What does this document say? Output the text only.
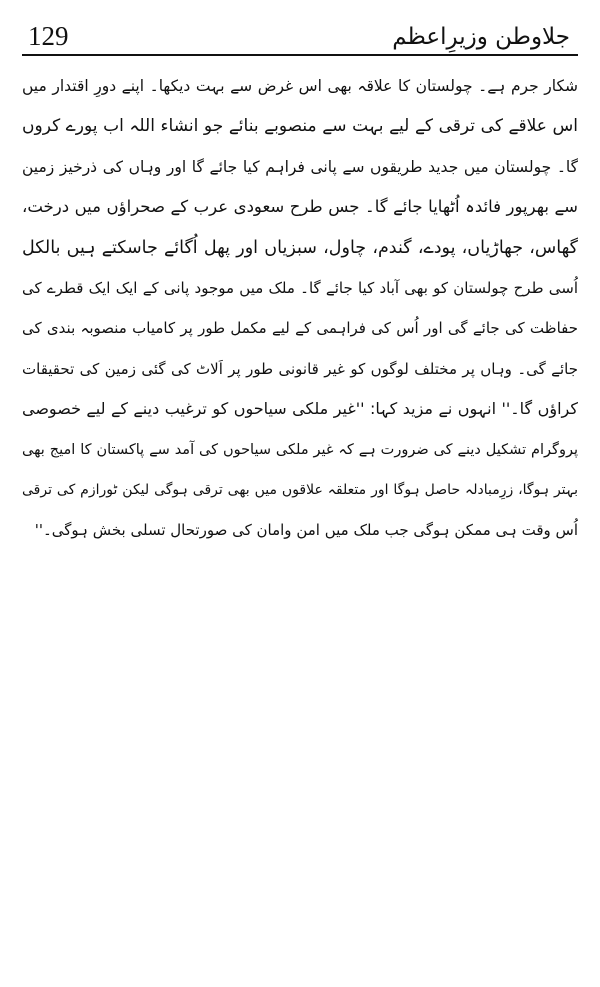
129	جلاوطن وزیرِاعظم
شکار جرم ہے۔ چولستان کا علاقہ بھی اس غرض سے بہت دیکھا۔ اپنے دورِ اقتدار میں
اس علاقے کی ترقی کے لیے بہت سے منصوبے بنائے جو انشاء اللہ اب پورے کروں
گا۔ چولستان میں جدید طریقوں سے پانی فراہم کیا جائے گا اور وہاں کی ذرخیز زمین
سے بھرپور فائدہ اُٹھایا جائے گا۔ جس طرح سعودی عرب کے صحراؤں میں درخت،
گھاس، جھاڑیاں، پودے، گندم، چاول، سبزیاں اور پھل اُگائے جاسکتے ہیں بالکل
اُسی طرح چولستان کو بھی آباد کیا جائے گا۔ ملک میں موجود پانی کے ایک ایک قطرے کی
حفاظت کی جائے گی اور اُس کی فراہمی کے لیے مکمل طور پر کامیاب منصوبہ بندی کی
جائے گی۔ وہاں پر مختلف لوگوں کو غیر قانونی طور پر اَلاٹ کی گئی زمین کی تحقیقات
کراؤں گا۔'' انہوں نے مزید کہا: ''غیر ملکی سیاحوں کو ترغیب دینے کے لیے خصوصی
پروگرام تشکیل دینے کی ضرورت ہے کہ غیر ملکی سیاحوں کی آمد سے پاکستان کا امیج بھی
بہتر ہوگا، زرِمبادلہ حاصل ہوگا اور متعلقہ علاقوں میں بھی ترقی ہوگی لیکن ٹورازم کی ترقی
اُس وقت ہی ممکن ہوگی جب ملک میں امن وامان کی صورتحال تسلی بخش ہوگی۔''
